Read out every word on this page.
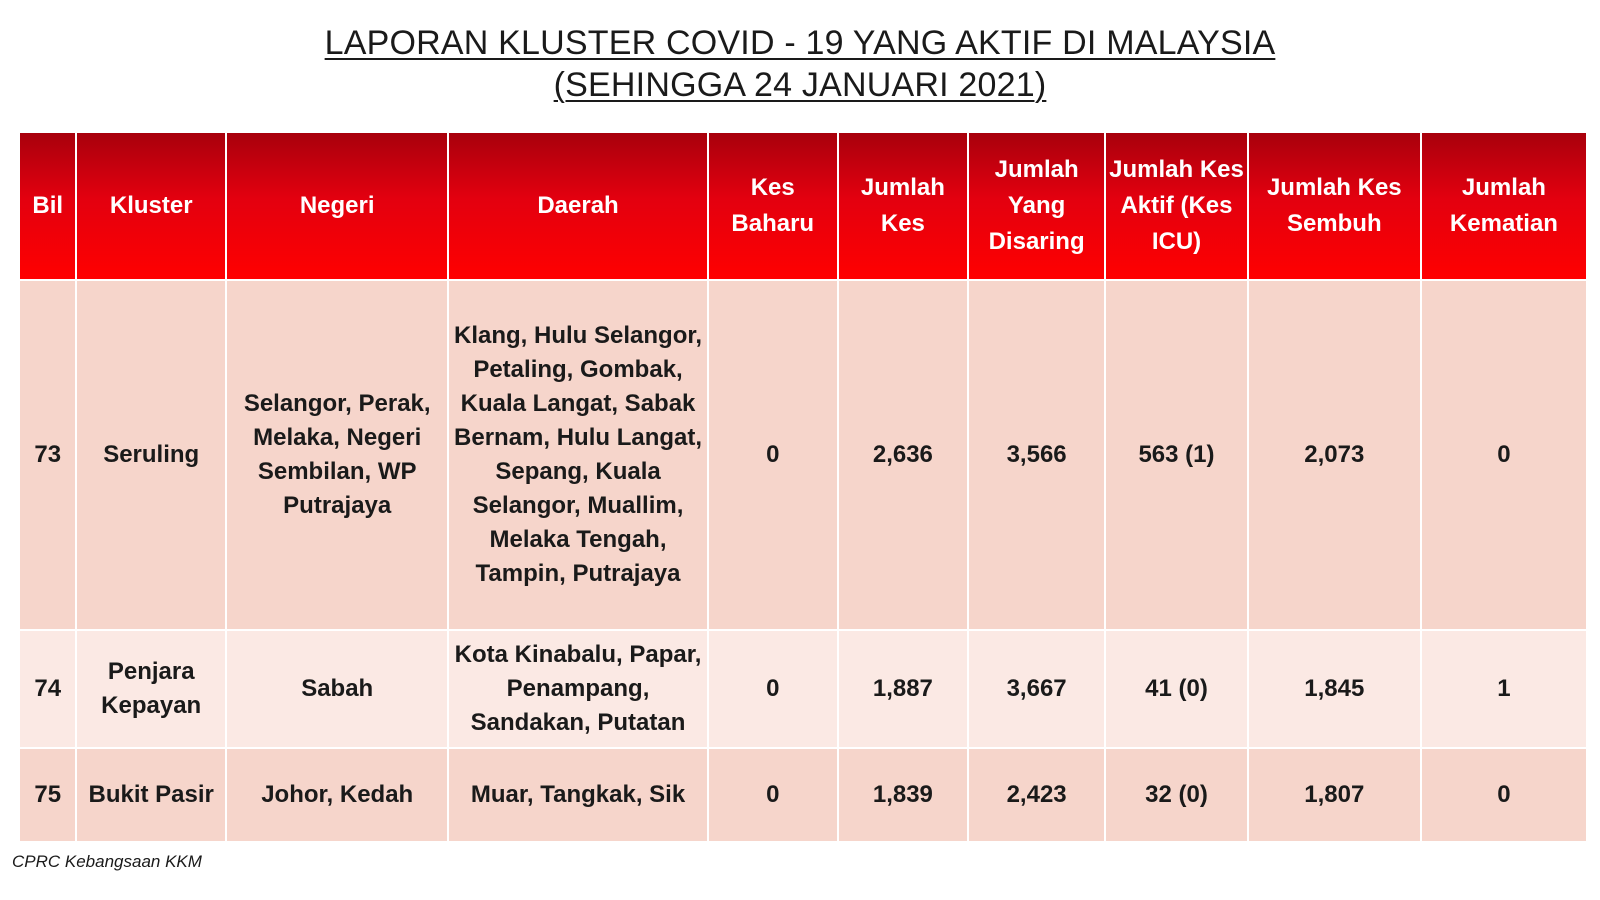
LAPORAN KLUSTER COVID - 19 YANG AKTIF DI MALAYSIA
(SEHINGGA 24 JANUARI 2021)
Bil	Kluster	Negeri	Daerah	Kes Baharu	Jumlah Kes	Jumlah Yang Disaring	Jumlah Kes Aktif (Kes ICU)	Jumlah Kes Sembuh	Jumlah Kematian
73	Seruling	Selangor, Perak, Melaka, Negeri Sembilan, WP Putrajaya	Klang, Hulu Selangor, Petaling, Gombak, Kuala Langat, Sabak Bernam, Hulu Langat, Sepang, Kuala Selangor, Muallim, Melaka Tengah, Tampin, Putrajaya	0	2,636	3,566	563 (1)	2,073	0
74	Penjara Kepayan	Sabah	Kota Kinabalu, Papar, Penampang, Sandakan, Putatan	0	1,887	3,667	41 (0)	1,845	1
75	Bukit Pasir	Johor, Kedah	Muar, Tangkak, Sik	0	1,839	2,423	32 (0)	1,807	0
CPRC Kebangsaan KKM
